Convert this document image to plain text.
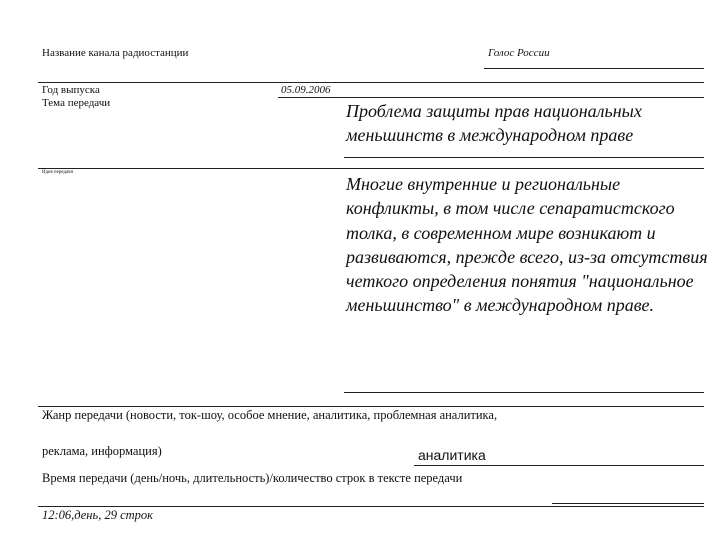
Название канала радиостанции	Голос России
Год выпуска	05.09.2006
Тема передачи	Проблема защиты прав национальных меньшинств в международном праве
Идея передачи
Многие внутренние и региональные конфликты, в том числе сепаратистского толка, в современном мире возникают и развиваются, прежде всего, из-за отсутствия четкого определения понятия "национальное меньшинство" в международном праве.
Жанр передачи (новости, ток-шоу, особое мнение, аналитика, проблемная аналитика,
реклама, информация)	аналитика
Время передачи (день/ночь, длительность)/количество строк в тексте передачи
12:06,день, 29 строк
